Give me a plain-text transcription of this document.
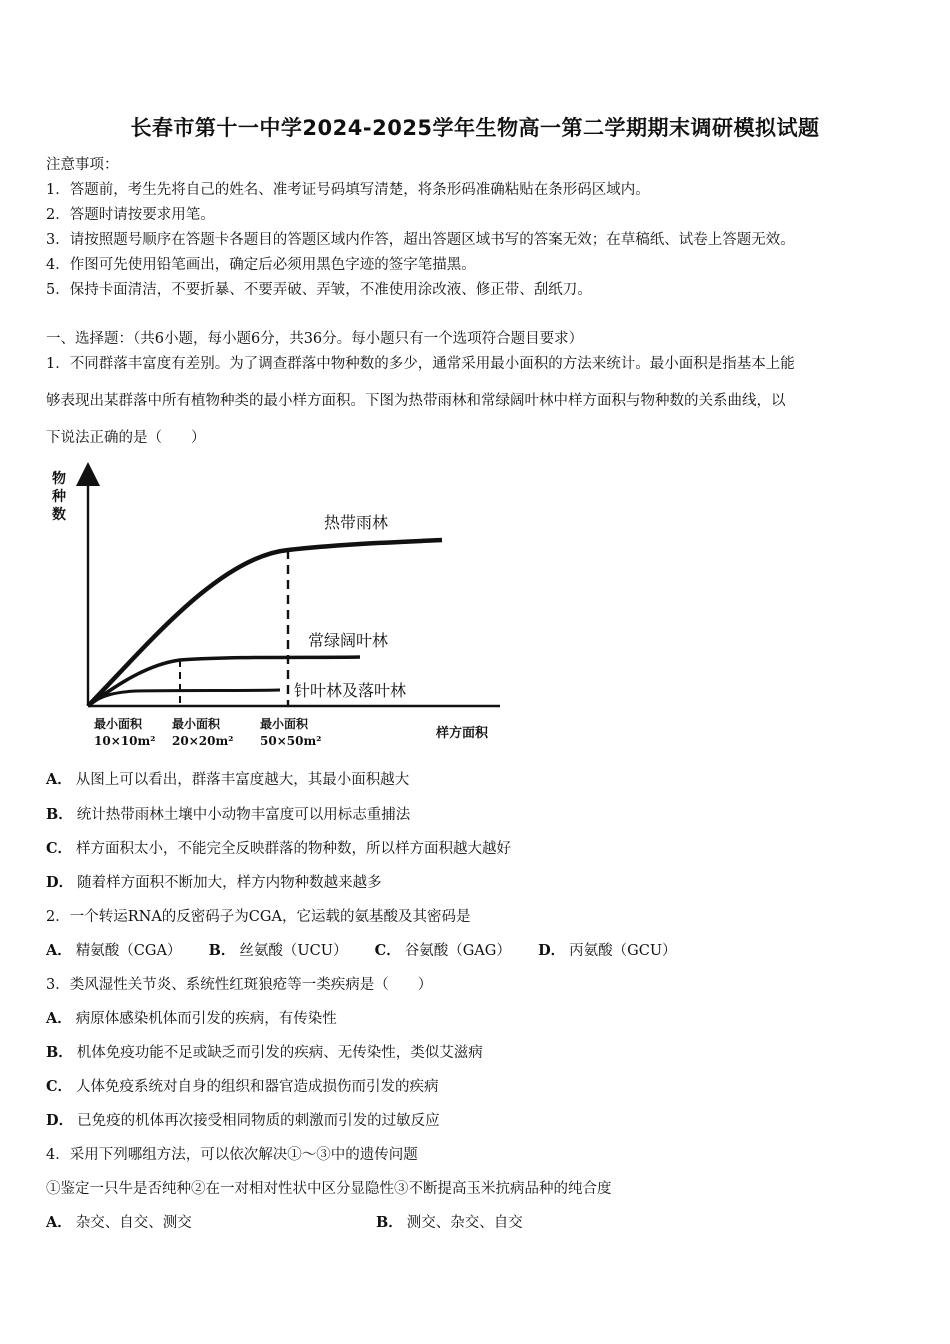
长春市第十一中学2024-2025学年生物高一第二学期期末调研模拟试题
注意事项：
1．答题前，考生先将自己的姓名、准考证号码填写清楚，将条形码准确粘贴在条形码区域内。
2．答题时请按要求用笔。
3．请按照题号顺序在答题卡各题目的答题区域内作答，超出答题区域书写的答案无效；在草稿纸、试卷上答题无效。
4．作图可先使用铅笔画出，确定后必须用黑色字迹的签字笔描黑。
5．保持卡面清洁，不要折暴、不要弄破、弄皱，不准使用涂改液、修正带、刮纸刀。
一、选择题：（共6小题，每小题6分，共36分。每小题只有一个选项符合题目要求）
1．不同群落丰富度有差别。为了调查群落中物种数的多少，通常采用最小面积的方法来统计。最小面积是指基本上能
够表现出某群落中所有植物种类的最小样方面积。下图为热带雨林和常绿阔叶林中样方面积与物种数的关系曲线，以
下说法正确的是（　　）
物
种
数	热带雨林
常绿阔叶林
针叶林及落叶林
最小面积
10×10m²
最小面积
20×20m²
最小面积
50×50m²	样方面积
A． 从图上可以看出，群落丰富度越大，其最小面积越大
B． 统计热带雨林土壤中小动物丰富度可以用标志重捕法
C． 样方面积太小，不能完全反映群落的物种数，所以样方面积越大越好
D． 随着样方面积不断加大，样方内物种数越来越多
2．一个转运RNA的反密码子为CGA，它运载的氨基酸及其密码是
A． 精氨酸（CGA） B． 丝氨酸（UCU） C． 谷氨酸（GAG） D． 丙氨酸（GCU）
3．类风湿性关节炎、系统性红斑狼疮等一类疾病是（　　）
A． 病原体感染机体而引发的疾病，有传染性
B． 机体免疫功能不足或缺乏而引发的疾病、无传染性，类似艾滋病
C． 人体免疫系统对自身的组织和器官造成损伤而引发的疾病
D． 已免疫的机体再次接受相同物质的刺激而引发的过敏反应
4．采用下列哪组方法，可以依次解决①～③中的遗传问题
①鉴定一只牛是否纯种②在一对相对性状中区分显隐性③不断提高玉米抗病品种的纯合度
A． 杂交、自交、测交	B． 测交、杂交、自交
